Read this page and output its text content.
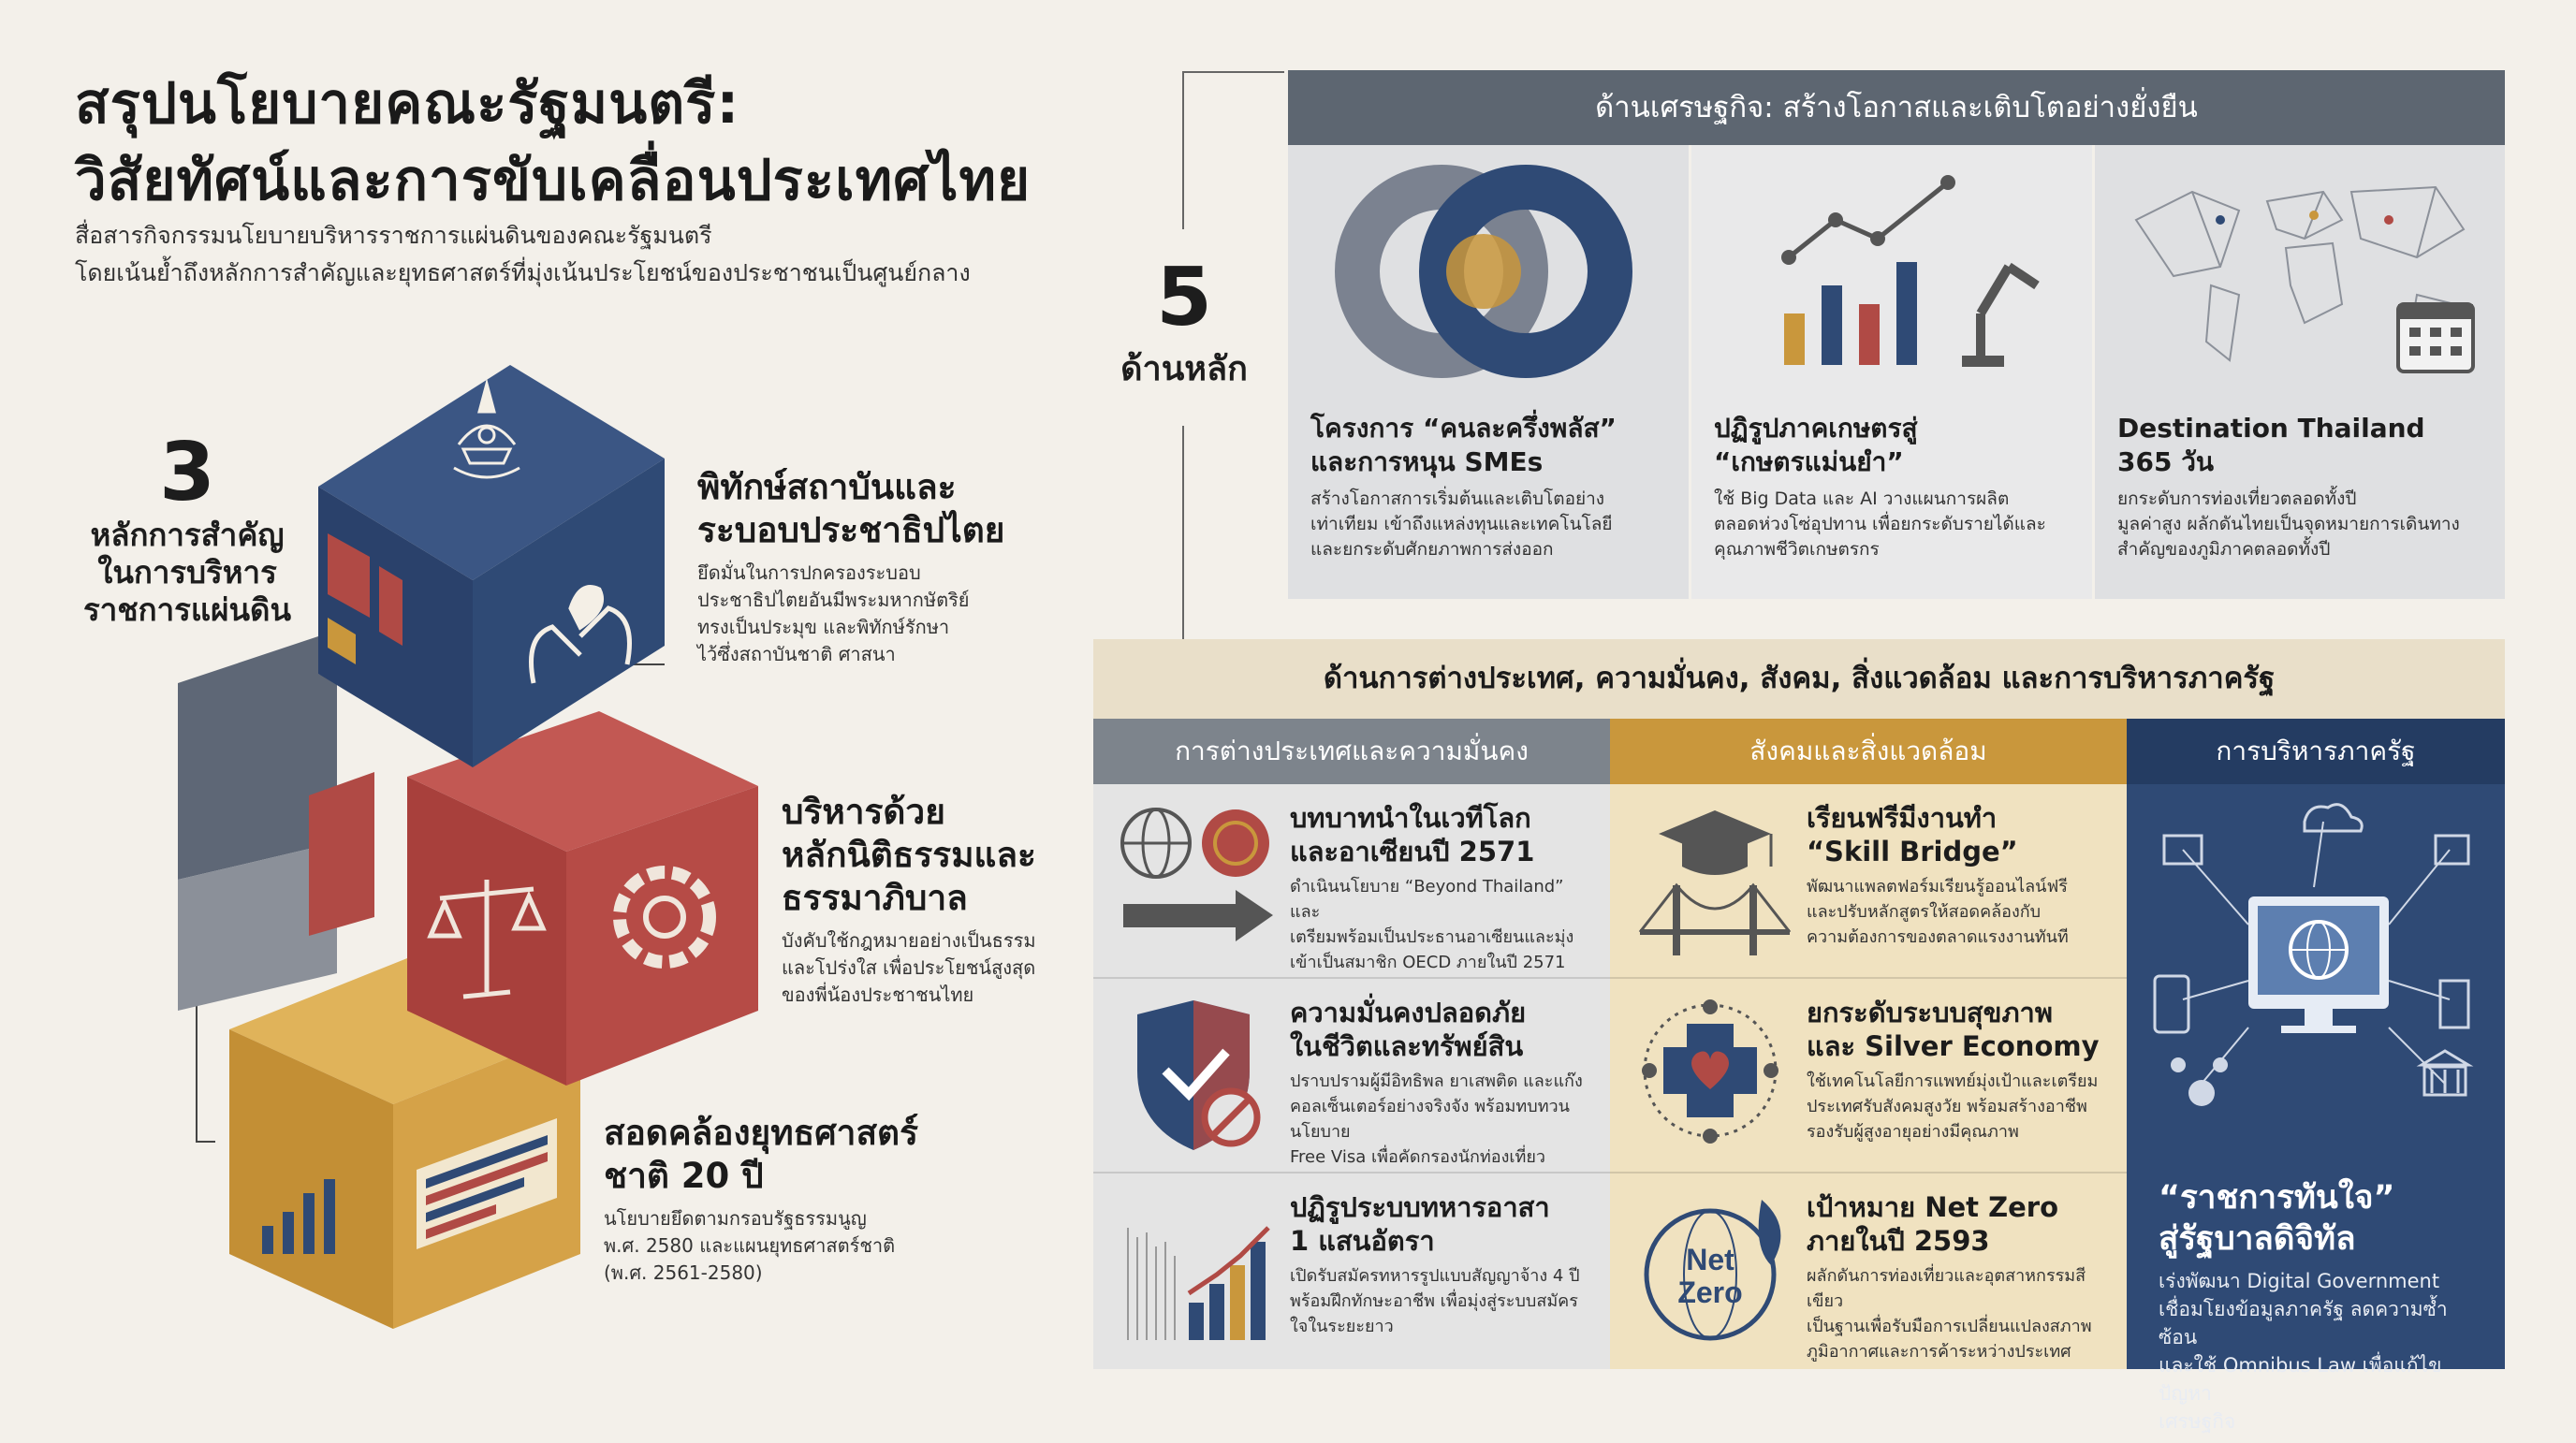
สรุปนโยบายคณะรัฐมนตรี:
วิสัยทัศน์และการขับเคลื่อนประเทศไทย
สื่อสารกิจกรรมนโยบายบริหารราชการแผ่นดินของคณะรัฐมนตรี
โดยเน้นย้ำถึงหลักการสำคัญและยุทธศาสตร์ที่มุ่งเน้นประโยชน์ของประชาชนเป็นศูนย์กลาง
3
หลักการสำคัญ
ในการบริหาร
ราชการแผ่นดิน
พิทักษ์สถาบันและ
ระบอบประชาธิปไตย

ยึดมั่นในการปกครองระบอบ
ประชาธิปไตยอันมีพระมหากษัตริย์
ทรงเป็นประมุข และพิทักษ์รักษา
ไว้ซึ่งสถาบันชาติ ศาสนา

บริหารด้วย
หลักนิติธรรมและ
ธรรมาภิบาล

บังคับใช้กฎหมายอย่างเป็นธรรม
และโปร่งใส เพื่อประโยชน์สูงสุด
ของพี่น้องประชาชนไทย

สอดคล้องยุทธศาสตร์
ชาติ 20 ปี

นโยบายยึดตามกรอบรัฐธรรมนูญ
พ.ศ. 2580 และแผนยุทธศาสตร์ชาติ
(พ.ศ. 2561-2580)

5
ด้านหลัก
ด้านเศรษฐกิจ: สร้างโอกาสและเติบโตอย่างยั่งยืน
โครงการ “คนละครึ่งพลัส”
และการหนุน SMEs

สร้างโอกาสการเริ่มต้นและเติบโตอย่าง
เท่าเทียม เข้าถึงแหล่งทุนและเทคโนโลยี
และยกระดับศักยภาพการส่งออก

ปฏิรูปภาคเกษตรสู่
“เกษตรแม่นยำ”

ใช้ Big Data และ AI วางแผนการผลิต
ตลอดห่วงโซ่อุปทาน เพื่อยกระดับรายได้และ
คุณภาพชีวิตเกษตรกร

Destination Thailand
365 วัน

ยกระดับการท่องเที่ยวตลอดทั้งปี
มูลค่าสูง ผลักดันไทยเป็นจุดหมายการเดินทาง
สำคัญของภูมิภาคตลอดทั้งปี

ด้านการต่างประเทศ, ความมั่นคง, สังคม, สิ่งแวดล้อม และการบริหารภาครัฐ
การต่างประเทศและความมั่นคง
บทบาทนำในเวทีโลก
และอาเซียนปี 2571

ดำเนินนโยบาย “Beyond Thailand” และ
เตรียมพร้อมเป็นประธานอาเซียนและมุ่ง
เข้าเป็นสมาชิก OECD ภายในปี 2571

ความมั่นคงปลอดภัย
ในชีวิตและทรัพย์สิน

ปราบปรามผู้มีอิทธิพล ยาเสพติด และแก๊ง
คอลเซ็นเตอร์อย่างจริงจัง พร้อมทบทวนนโยบาย
Free Visa เพื่อคัดกรองนักท่องเที่ยว

ปฏิรูประบบทหารอาสา
1 แสนอัตรา

เปิดรับสมัครทหารรูปแบบสัญญาจ้าง 4 ปี
พร้อมฝึกทักษะอาชีพ เพื่อมุ่งสู่ระบบสมัคร
ใจในระยะยาว

สังคมและสิ่งแวดล้อม
เรียนฟรีมีงานทำ
“Skill Bridge”

พัฒนาแพลตฟอร์มเรียนรู้ออนไลน์ฟรี
และปรับหลักสูตรให้สอดคล้องกับ
ความต้องการของตลาดแรงงานทันที

ยกระดับระบบสุขภาพ
และ Silver Economy

ใช้เทคโนโลยีการแพทย์มุ่งเป้าและเตรียม
ประเทศรับสังคมสูงวัย พร้อมสร้างอาชีพ
รองรับผู้สูงอายุอย่างมีคุณภาพ

Net
Zero
เป้าหมาย Net Zero
ภายในปี 2593

ผลักดันการท่องเที่ยวและอุตสาหกรรมสีเขียว
เป็นฐานเพื่อรับมือการเปลี่ยนแปลงสภาพ
ภูมิอากาศและการค้าระหว่างประเทศ

การบริหารภาครัฐ
“ราชการทันใจ”
สู่รัฐบาลดิจิทัล

เร่งพัฒนา Digital Government
เชื่อมโยงข้อมูลภาครัฐ ลดความซ้ำซ้อน
และใช้ Omnibus Law เพื่อแก้ไขปัญหา
เศรษฐกิจ
